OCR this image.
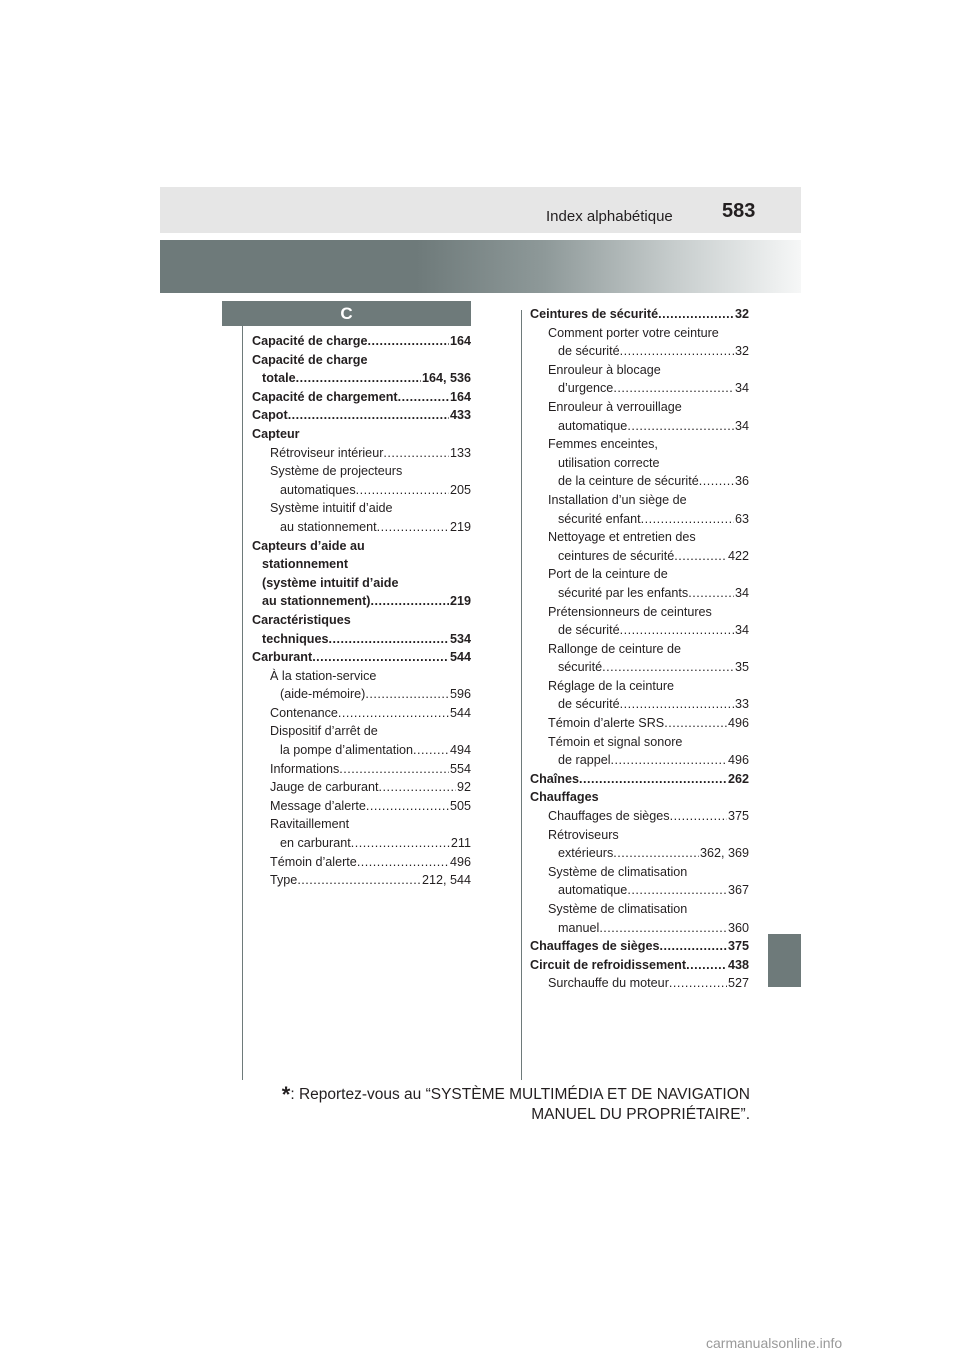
583
Index alphabétique
C
Capacité de charge .....	164
Capacité de charge
totale .....	164, 536
Capacité de chargement .....	164
Capot .....	433
Capteur
Rétroviseur intérieur .....	133
Système de projecteurs
automatiques .....	205
Système intuitif d’aide
au stationnement .....	219
Capteurs d’aide au
stationnement
(système intuitif d’aide
au stationnement) .....	219
Caractéristiques
techniques .....	534
Carburant .....	544
À la station-service
(aide-mémoire) .....	596
Contenance .....	544
Dispositif d’arrêt de
la pompe d’alimentation .....	494
Informations .....	554
Jauge de carburant .....	92
Message d’alerte .....	505
Ravitaillement
en carburant .....	211
Témoin d’alerte .....	496
Type .....	212, 544
Ceintures de sécurité .....	32
Comment porter votre ceinture
de sécurité .....	32
Enrouleur à blocage
d’urgence .....	34
Enrouleur à verrouillage
automatique .....	34
Femmes enceintes,
utilisation correcte
de la ceinture de sécurité .....	36
Installation d’un siège de
sécurité enfant .....	63
Nettoyage et entretien des
ceintures de sécurité .....	422
Port de la ceinture de
sécurité par les enfants .....	34
Prétensionneurs de ceintures
de sécurité .....	34
Rallonge de ceinture de
sécurité .....	35
Réglage de la ceinture
de sécurité .....	33
Témoin d’alerte SRS .....	496
Témoin et signal sonore
de rappel .....	496
Chaînes .....	262
Chauffages
Chauffages de sièges .....	375
Rétroviseurs
extérieurs .....	362, 369
Système de climatisation
automatique .....	367
Système de climatisation
manuel .....	360
Chauffages de sièges .....	375
Circuit de refroidissement .....	438
Surchauffe du moteur .....	527
*: Reportez-vous au “SYSTÈME MULTIMÉDIA ET DE NAVIGATION
MANUEL DU PROPRIÉTAIRE”.
carmanualsonline.info
